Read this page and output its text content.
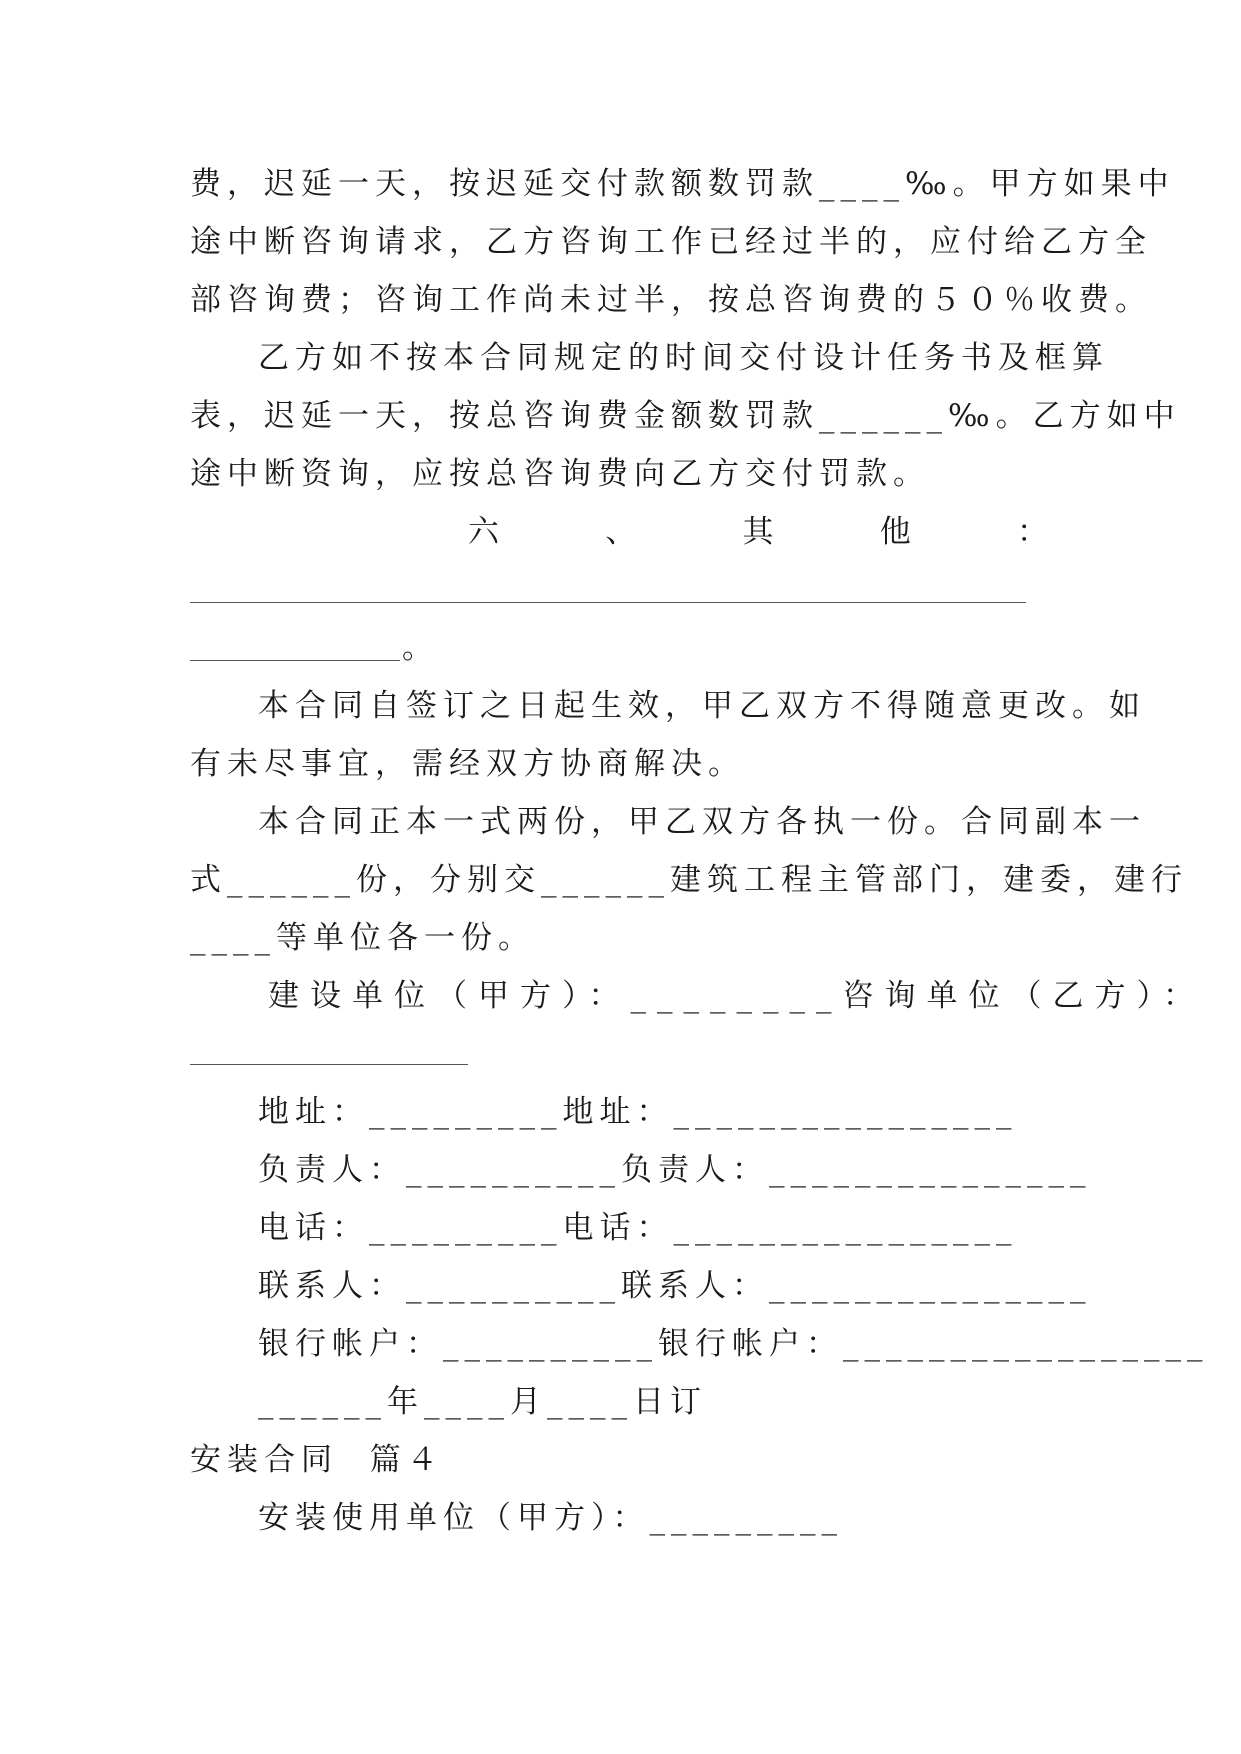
费，迟延一天，按迟延交付款额数罚款____‰。甲方如果中
途中断咨询请求，乙方咨询工作已经过半的，应付给乙方全
部咨询费；咨询工作尚未过半，按总咨询费的５０％收费。
乙方如不按本合同规定的时间交付设计任务书及框算
表，迟延一天，按总咨询费金额数罚款______‰。乙方如中
途中断资询，应按总咨询费向乙方交付罚款。
六	、	其	他	：
。
本合同自签订之日起生效，甲乙双方不得随意更改。如
有未尽事宜，需经双方协商解决。
本合同正本一式两份，甲乙双方各执一份。合同副本一
式______份，分别交______建筑工程主管部门，建委，建行
____等单位各一份。
建设单位（甲方）：________咨询单位（乙方）：
地址：_________地址：________________
负责人：__________负责人：_______________
电话：_________电话：________________
联系人：__________联系人：_______________
银行帐户：__________银行帐户：_________________
______年____月____日订
安装合同  篇４
安装使用单位（甲方）：_________
